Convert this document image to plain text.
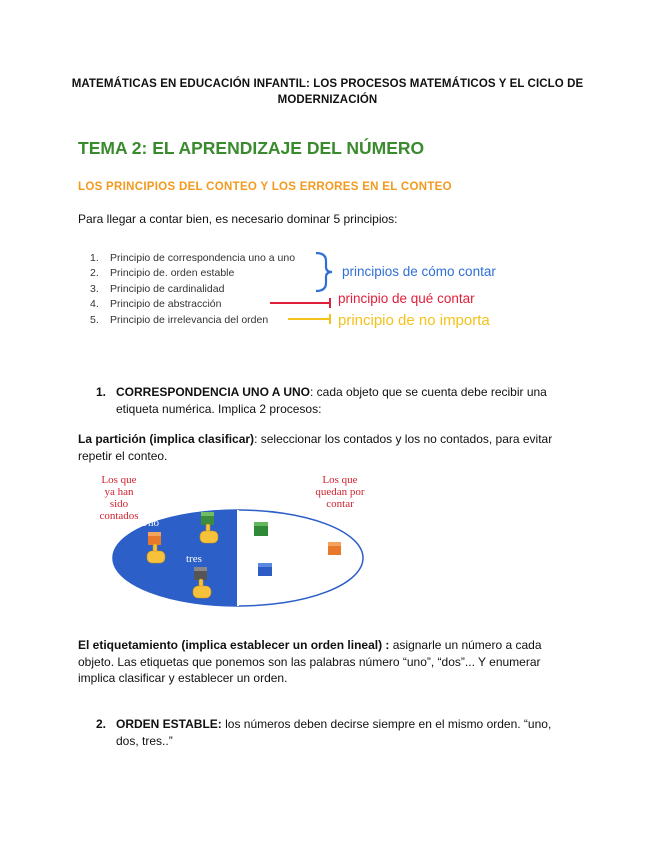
MATEMÁTICAS EN EDUCACIÓN INFANTIL: LOS PROCESOS MATEMÁTICOS Y EL CICLO DE MODERNIZACIÓN
TEMA 2: EL APRENDIZAJE DEL NÚMERO
LOS PRINCIPIOS DEL CONTEO Y LOS ERRORES EN EL CONTEO
Para llegar a contar bien, es necesario dominar 5 principios:
1. Principio de correspondencia uno a uno
2. Principio de. orden estable
3. Principio de cardinalidad
4. Principio de abstracción
5. Principio de irrelevancia del orden
principios de cómo contar
principio de qué contar
principio de no importa
1. CORRESPONDENCIA UNO A UNO: cada objeto que se cuenta debe recibir una etiqueta numérica. Implica 2 procesos:
La partición (implica clasificar): seleccionar los contados y los no contados, para evitar repetir el conteo.
Los que
ya han
sido
contados
Los que
quedan por
contar
Uno
dos
tres
El etiquetamiento (implica establecer un orden lineal) : asignarle un número a cada objeto. Las etiquetas que ponemos son las palabras número “uno”, “dos”... Y enumerar implica clasificar y establecer un orden.
2. ORDEN ESTABLE: los números deben decirse siempre en el mismo orden. “uno, dos, tres..”
